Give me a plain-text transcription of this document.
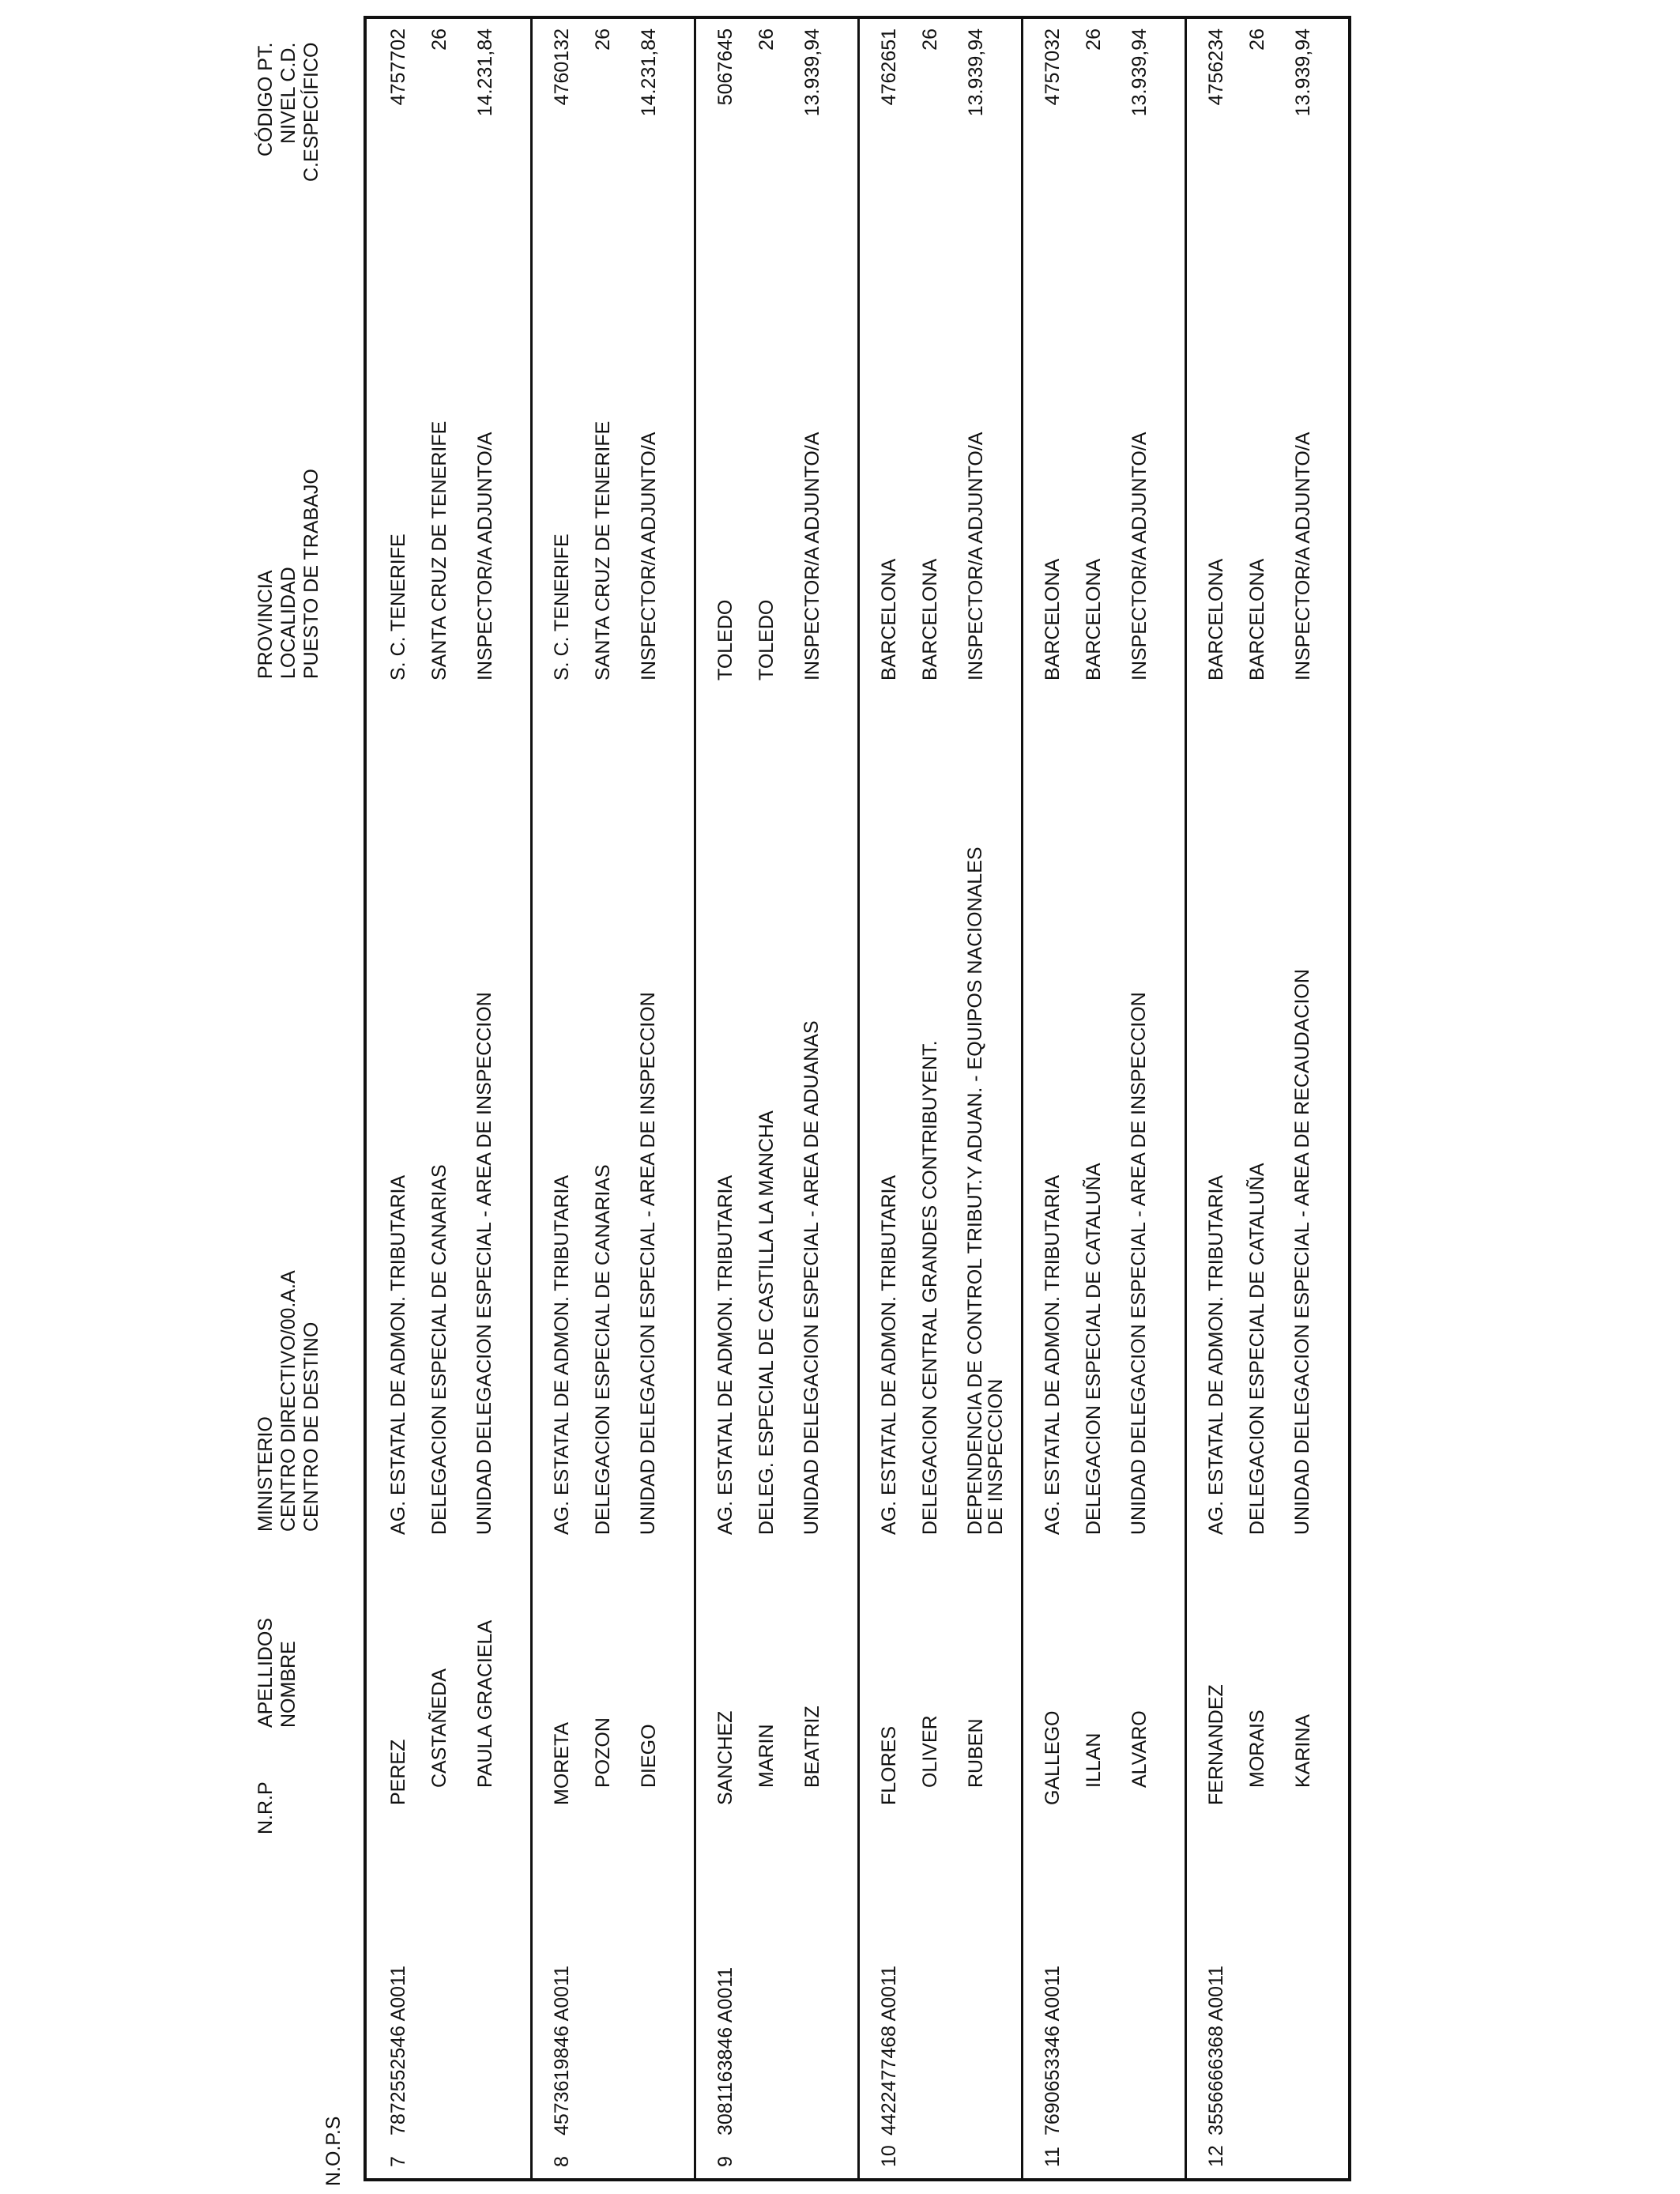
N.O.P.S
N.R.P
APELLIDOS NOMBRE
MINISTERIO CENTRO DIRECTIVO/00.A.A CENTRO DE DESTINO
PROVINCIA LOCALIDAD PUESTO DE TRABAJO
CÓDIGO PT. NIVEL C.D. C.ESPECÍFICO
7
7872552546 A0011
PEREZ CASTAÑEDA PAULA GRACIELA
AG. ESTATAL DE ADMON. TRIBUTARIA DELEGACION ESPECIAL DE CANARIAS UNIDAD DELEGACION ESPECIAL - AREA DE INSPECCION
S. C. TENERIFE SANTA CRUZ DE TENERIFE INSPECTOR/A ADJUNTO/A
4757702 26 14.231,84
8
4573619846 A0011
MORETA POZON DIEGO
AG. ESTATAL DE ADMON. TRIBUTARIA DELEGACION ESPECIAL DE CANARIAS UNIDAD DELEGACION ESPECIAL - AREA DE INSPECCION
S. C. TENERIFE SANTA CRUZ DE TENERIFE INSPECTOR/A ADJUNTO/A
4760132 26 14.231,84
9
3081163846 A0011
SANCHEZ MARIN BEATRIZ
AG. ESTATAL DE ADMON. TRIBUTARIA DELEG. ESPECIAL DE CASTILLA LA MANCHA UNIDAD DELEGACION ESPECIAL - AREA DE ADUANAS
TOLEDO TOLEDO INSPECTOR/A ADJUNTO/A
5067645 26 13.939,94
10
4422477468 A0011
FLORES OLIVER RUBEN
AG. ESTATAL DE ADMON. TRIBUTARIA DELEGACION CENTRAL GRANDES CONTRIBUYENT. DEPENDENCIA DE CONTROL TRIBUT.Y ADUAN. - EQUIPOS NACIONALES DE INSPECCION
BARCELONA BARCELONA INSPECTOR/A ADJUNTO/A
4762651 26 13.939,94
11
7690653346 A0011
GALLEGO ILLAN ALVARO
AG. ESTATAL DE ADMON. TRIBUTARIA DELEGACION ESPECIAL DE CATALUÑA UNIDAD DELEGACION ESPECIAL - AREA DE INSPECCION
BARCELONA BARCELONA INSPECTOR/A ADJUNTO/A
4757032 26 13.939,94
12
3556666368 A0011
FERNANDEZ MORAIS KARINA
AG. ESTATAL DE ADMON. TRIBUTARIA DELEGACION ESPECIAL DE CATALUÑA UNIDAD DELEGACION ESPECIAL - AREA DE RECAUDACION
BARCELONA BARCELONA INSPECTOR/A ADJUNTO/A
4756234 26 13.939,94
